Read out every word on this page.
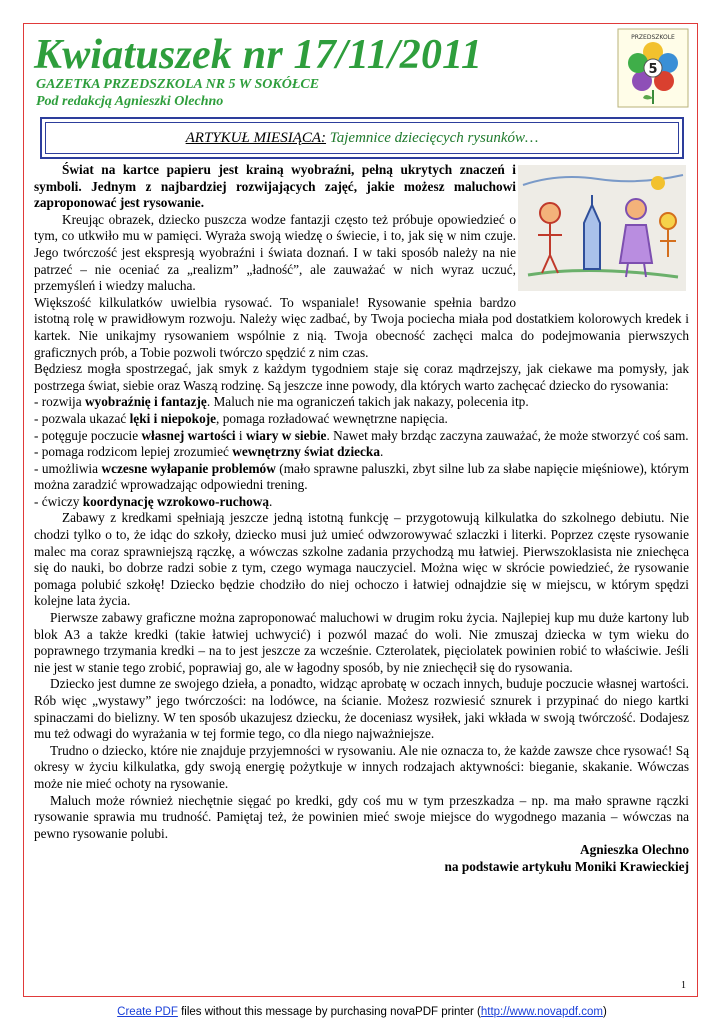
Kwiatuszek nr 17/11/2011
GAZETKA PRZEDSZKOLA NR 5 W SOKÓŁCE
Pod redakcją Agnieszki Olechno
PRZEDSZKOLE
5
ARTYKUŁ MIESIĄCA: Tajemnice dziecięcych rysunków…

Świat na kartce papieru jest krainą wyobraźni, pełną ukrytych znaczeń i symboli. Jednym z najbardziej rozwijających zajęć, jakie możesz maluchowi zaproponować jest rysowanie.

Kreując obrazek, dziecko puszcza wodze fantazji często też próbuje opowiedzieć o tym, co utkwiło mu w pamięci. Wyraża swoją wiedzę o świecie, i to, jak się w nim czuje. Jego twórczość jest ekspresją wyobraźni i świata doznań. I w taki sposób należy na nie patrzeć – nie oceniać za „realizm” „ładność”, ale zauważać w nich wyraz uczuć, przemyśleń i wiedzy malucha.

Większość kilkulatków uwielbia rysować. To wspaniale! Rysowanie spełnia bardzo istotną rolę w prawidłowym rozwoju. Należy więc zadbać, by Twoja pociecha miała pod dostatkiem kolorowych kredek i kartek. Nie unikajmy rysowaniem wspólnie z nią. Twoja obecność zachęci malca do podejmowania pierwszych graficznych prób, a Tobie pozwoli twórczo spędzić z nim czas.

Będziesz mogła spostrzegać, jak smyk z każdym tygodniem staje się coraz mądrzejszy, jak ciekawe ma pomysły, jak postrzega świat, siebie oraz Waszą rodzinę. Są jeszcze inne powody, dla których warto zachęcać dziecko do rysowania:

- rozwija wyobraźnię i fantazję. Maluch nie ma ograniczeń takich jak nakazy, polecenia itp.

- pozwala ukazać lęki i niepokoje, pomaga rozładować wewnętrzne napięcia.

- potęguje poczucie własnej wartości i wiary w siebie. Nawet mały brzdąc zaczyna zauważać, że może stworzyć coś sam.

- pomaga rodzicom lepiej zrozumieć wewnętrzny świat dziecka.

- umożliwia wczesne wyłapanie problemów (mało sprawne paluszki, zbyt silne lub za słabe napięcie mięśniowe), którym można zaradzić wprowadzając odpowiedni trening.

- ćwiczy koordynację wzrokowo-ruchową.

Zabawy z kredkami spełniają jeszcze jedną istotną funkcję – przygotowują kilkulatka do szkolnego debiutu. Nie chodzi tylko o to, że idąc do szkoły, dziecko musi już umieć odwzorowywać szlaczki i literki. Poprzez częste rysowanie malec ma coraz sprawniejszą rączkę, a wówczas szkolne zadania przychodzą mu łatwiej. Pierwszoklasista nie zniechęca się do nauki, bo dobrze radzi sobie z tym, czego wymaga nauczyciel. Można więc w skrócie powiedzieć, że rysowanie pomaga polubić szkołę! Dziecko będzie chodziło do niej ochoczo i łatwiej odnajdzie się w miejscu, w którym spędzi kolejne lata życia.

Pierwsze zabawy graficzne można zaproponować maluchowi w drugim roku życia. Najlepiej kup mu duże kartony lub blok A3 a także kredki (takie łatwiej uchwycić) i pozwól mazać do woli. Nie zmuszaj dziecka w tym wieku do poprawnego trzymania kredki – na to jest jeszcze za wcześnie. Czterolatek, pięciolatek powinien robić to właściwie. Jeśli nie jest w stanie tego zrobić, poprawiaj go, ale w łagodny sposób, by nie zniechęcił się do rysowania.

Dziecko jest dumne ze swojego dzieła, a ponadto, widząc aprobatę w oczach innych, buduje poczucie własnej wartości. Rób więc „wystawy” jego twórczości: na lodówce, na ścianie. Możesz rozwiesić sznurek i przypinać do niego kartki spinaczami do bielizny. W ten sposób ukazujesz dziecku, że doceniasz wysiłek, jaki wkłada w swoją twórczość. Dodajesz mu też odwagi do wyrażania w tej formie tego, co dla niego najważniejsze.

Trudno o dziecko, które nie znajduje przyjemności w rysowaniu. Ale nie oznacza to, że każde zawsze chce rysować! Są okresy w życiu kilkulatka, gdy swoją energię pożytkuje w innych rodzajach aktywności: bieganie, skakanie. Wówczas może nie mieć ochoty na rysowanie.

Maluch może również niechętnie sięgać po kredki, gdy coś mu w tym przeszkadza – np. ma mało sprawne rączki rysowanie sprawia mu trudność. Pamiętaj też, że powinien mieć swoje miejsce do wygodnego mazania – wówczas na pewno rysowanie polubi.

Agnieszka Olechno

na podstawie artykułu Moniki Krawieckiej

1
Create PDF files without this message by purchasing novaPDF printer (http://www.novapdf.com)
